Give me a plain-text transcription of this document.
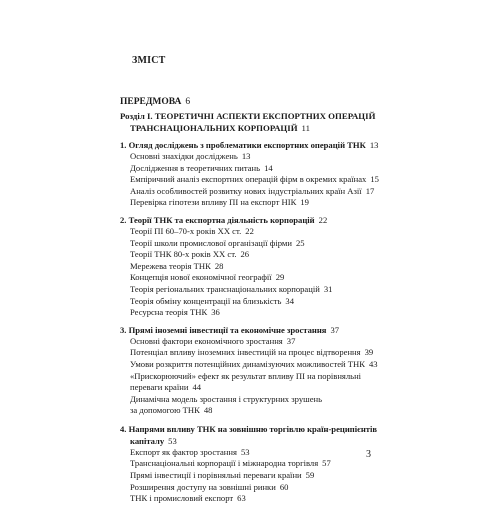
ЗМІСТ
ПЕРЕДМОВА 6
Розділ І. ТЕОРЕТИЧНІ АСПЕКТИ ЕКСПОРТНИХ ОПЕРАЦІЙ
ТРАНСНАЦІОНАЛЬНИХ КОРПОРАЦІЙ 11
1. Огляд досліджень з проблематики експортних операцій ТНК 13
Основні знахідки досліджень 13
Дослідження в теоретичних питань 14
Емпіричний аналіз експортних операцій фірм в окремих країнах 15
Аналіз особливостей розвитку нових індустріальних країн Азії 17
Перевірка гіпотези впливу ПІ на експорт НІК 19
2. Теорії ТНК та експортна діяльність корпорацій 22
Теорії ПІ 60–70-х років XX ст. 22
Теорії школи промислової організації фірми 25
Теорії ТНК 80-х років XX ст. 26
Мережева теорія ТНК 28
Концепція нової економічної географії 29
Теорія регіональних транснаціональних корпорацій 31
Теорія обміну концентрації на близькість 34
Ресурсна теорія ТНК 36
3. Прямі іноземні інвестиції та економічне зростання 37
Основні фактори економічного зростання 37
Потенціал впливу іноземних інвестицій на процес відтворення 39
Умови розкриття потенційних динамізуючих можливостей ТНК 43
«Прискорюючий» ефект як результат впливу ПІ на порівняльні
переваги країни 44
Динамічна модель зростання і структурних зрушень
за допомогою ТНК 48
4. Напрями впливу ТНК на зовнішню торгівлю країн-реципієнтів
капіталу 53
Експорт як фактор зростання 53
Транснаціональні корпорації і міжнародна торгівля 57
Прямі інвестиції і порівняльні переваги країни 59
Розширення доступу на зовнішні ринки 60
ТНК і промисловий експорт 63
3
